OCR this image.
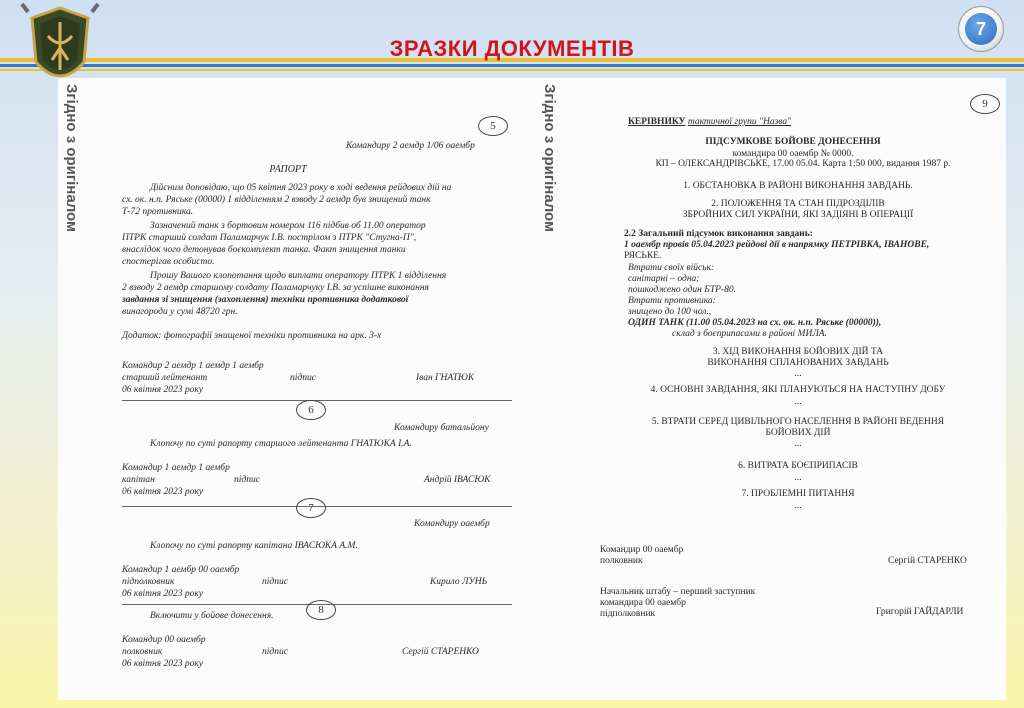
ЗРАЗКИ ДОКУМЕНТІВ
7
Згідно з оригіналом	Згідно з оригіналом
5
Командиру 2 аемдр 1/06 оаембр
РАПОРТ
Дійсним доповідаю, що 05 квітня 2023 року в ході ведення рейдових дій на
сх. ок. н.п. Ряське (00000) 1 відділенням 2 взводу 2 аемдр був знищений танк
Т-72 противника.
Зазначений танк з бортовим номером 116 підбив об 11.00 оператор
ПТРК старший солдат Паламарчук І.В. пострілом з ПТРК "Стугна-П",
внаслідок чого детонував боєкомплект танка. Факт знищення танки
спостерігав особисто.
Прошу Вашого клопотання щодо виплати оператору ПТРК 1 відділення
2 взводу 2 аемдр старшому солдату Паламарчуку І.В. за успішне виконання
завдання зі знищення (захоплення) техніки противника додаткової
винагороди у сумі 48720 грн.
Додаток: фотографії знищеної техніки противника на арк. 3-х
Командир 2 аемдр 1 аемдр 1 аембр
старший лейтенант	підпис	Іван ГНАТЮК
06 квітня 2023 року
6
Командиру батальйону
Клопочу по суті рапорту старшого лейтенанта ГНАТЮКА І.А.
Командир 1 аемдр 1 аембр
капітан	підпис	Андрій ІВАСЮК
06 квітня 2023 року
7
Командиру оаембр
Клопочу по суті рапорту капітана ІВАСЮКА А.М.
Командир 1 аембр 00 оаембр
підполковник	підпис	Кирило ЛУНЬ
06 квітня 2023 року
Включити у бойове донесення.	8
Командир 00 оаембр
полковник	підпис	Сергій СТАРЕНКО
06 квітня 2023 року
9
КЕРІВНИКУ тактичної групи "Назва"
ПІДСУМКОВЕ БОЙОВЕ ДОНЕСЕННЯ
командира 00 оаембр № 0000.
КП – ОЛЕКСАНДРІВСЬКЕ, 17.00 05.04. Карта 1:50 000, видання 1987 р.
1. ОБСТАНОВКА В РАЙОНІ ВИКОНАННЯ ЗАВДАНЬ.
2. ПОЛОЖЕННЯ ТА СТАН ПІДРОЗДІЛІВ
ЗБРОЙНИХ СИЛ УКРАЇНИ, ЯКІ ЗАДІЯНІ В ОПЕРАЦІЇ
2.2 Загальний підсумок виконання завдань:
1 оаембр провів 05.04.2023 рейдові дії в напрямку ПЕТРІВКА, ІВАНОВЕ,
РЯСЬКЕ.
Втрати своїх військ:
санітарні – одна;
пошкоджено один БТР-80.
Втрати противника:
знищено до 100 чол.,
ОДИН ТАНК (11.00 05.04.2023 на сх. ок. н.п. Ряське (00000)),
склад з боєприпасами в районі МИЛА.
3. ХІД ВИКОНАННЯ БОЙОВИХ ДІЙ ТА
ВИКОНАННЯ СПЛАНОВАНИХ ЗАВДАНЬ
...
4. ОСНОВНІ ЗАВДАННЯ, ЯКІ ПЛАНУЮТЬСЯ НА НАСТУПНУ ДОБУ
...
5. ВТРАТИ СЕРЕД ЦИВІЛЬНОГО НАСЕЛЕННЯ В РАЙОНІ ВЕДЕННЯ
БОЙОВИХ ДІЙ
...
6. ВИТРАТА БОЄПРИПАСІВ
...
7. ПРОБЛЕМНІ ПИТАННЯ
...
Командир 00 оаембр
полковник	Сергій СТАРЕНКО
Начальник штабу – перший заступник
командира 00 оаембр
підполковник	Григорій ГАЙДАРЛИ
